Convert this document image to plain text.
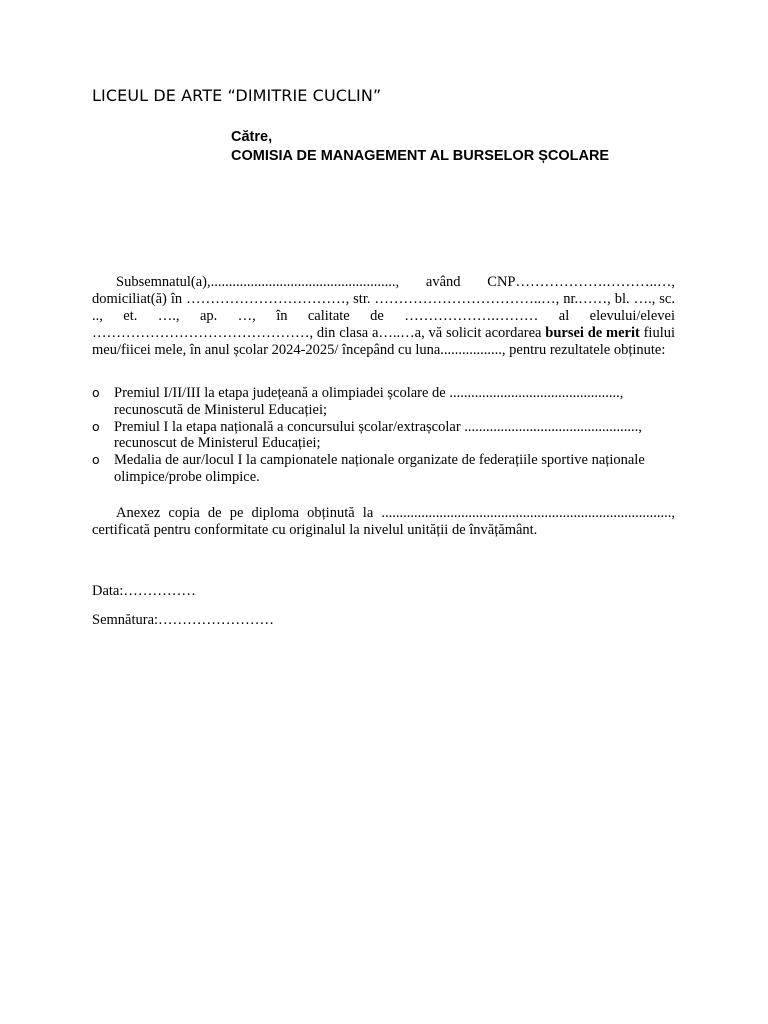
LICEUL DE ARTE “DIMITRIE CUCLIN”
Către,
COMISIA DE MANAGEMENT AL BURSELOR ȘCOLARE

Subsemnatul(a),..................................................., având CNP……………….………..…, domiciliat(ă) în ……………………………, str. ……………………………..…, nr.……, bl. …., sc. .., et. …., ap. …, în calitate de ……………….……… al elevului/elevei ………………………………………, din clasa a…..…a, vă solicit acordarea bursei de merit fiului meu/fiicei mele, în anul școlar 2024-2025/ începând cu luna................., pentru rezultatele obținute:

o Premiul I/II/III la etapa județeană a olimpiadei școlare de ..............................................., recunoscută de Ministerul Educației;
o Premiul I la etapa națională a concursului școlar/extrașcolar ................................................, recunoscut de Ministerul Educației;
o Medalia de aur/locul I la campionatele naționale organizate de federațiile sportive naționale olimpice/probe olimpice.

Anexez copia de pe diploma obținută la ................................................................................, certificată pentru conformitate cu originalul la nivelul unității de învățământ.

Data:……………
Semnătura:……………………
